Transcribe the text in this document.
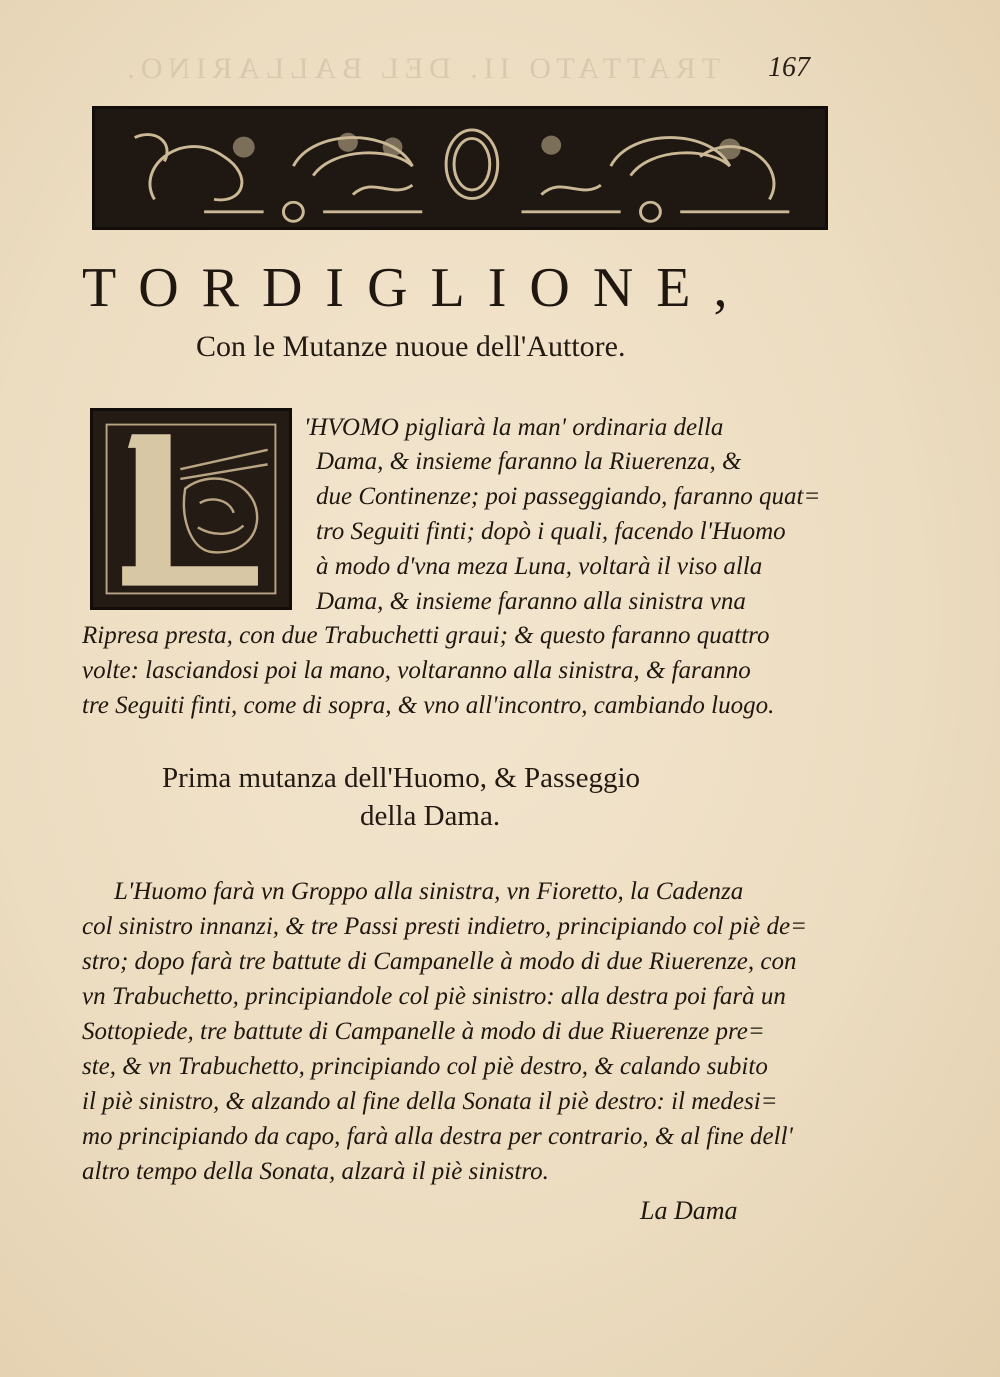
TRATTATO II. DEL BALLARINO. 167
TORDIGLIONE,
Con le Mutanze nuoue dell'Auttore.
'HVOMO pigliarà la man' ordinaria della
Dama, & insieme faranno la Riuerenza, &
due Continenze; poi passeggiando, faranno quat=
tro Seguiti finti; dopò i quali, facendo l'Huomo
à modo d'vna meza Luna, voltarà il viso alla
Dama, & insieme faranno alla sinistra vna
Ripresa presta, con due Trabuchetti graui; & questo faranno quattro
volte: lasciandosi poi la mano, voltaranno alla sinistra, & faranno
tre Seguiti finti, come di sopra, & vno all'incontro, cambiando luogo.
Prima mutanza dell'Huomo, & Passeggio
della Dama.
L'Huomo farà vn Groppo alla sinistra, vn Fioretto, la Cadenza
col sinistro innanzi, & tre Passi presti indietro, principiando col piè de=
stro; dopo farà tre battute di Campanelle à modo di due Riuerenze, con
vn Trabuchetto, principiandole col piè sinistro: alla destra poi farà un
Sottopiede, tre battute di Campanelle à modo di due Riuerenze pre=
ste, & vn Trabuchetto, principiando col piè destro, & calando subito
il piè sinistro, & alzando al fine della Sonata il piè destro: il medesi=
mo principiando da capo, farà alla destra per contrario, & al fine dell'
altro tempo della Sonata, alzarà il piè sinistro.
La Dama
